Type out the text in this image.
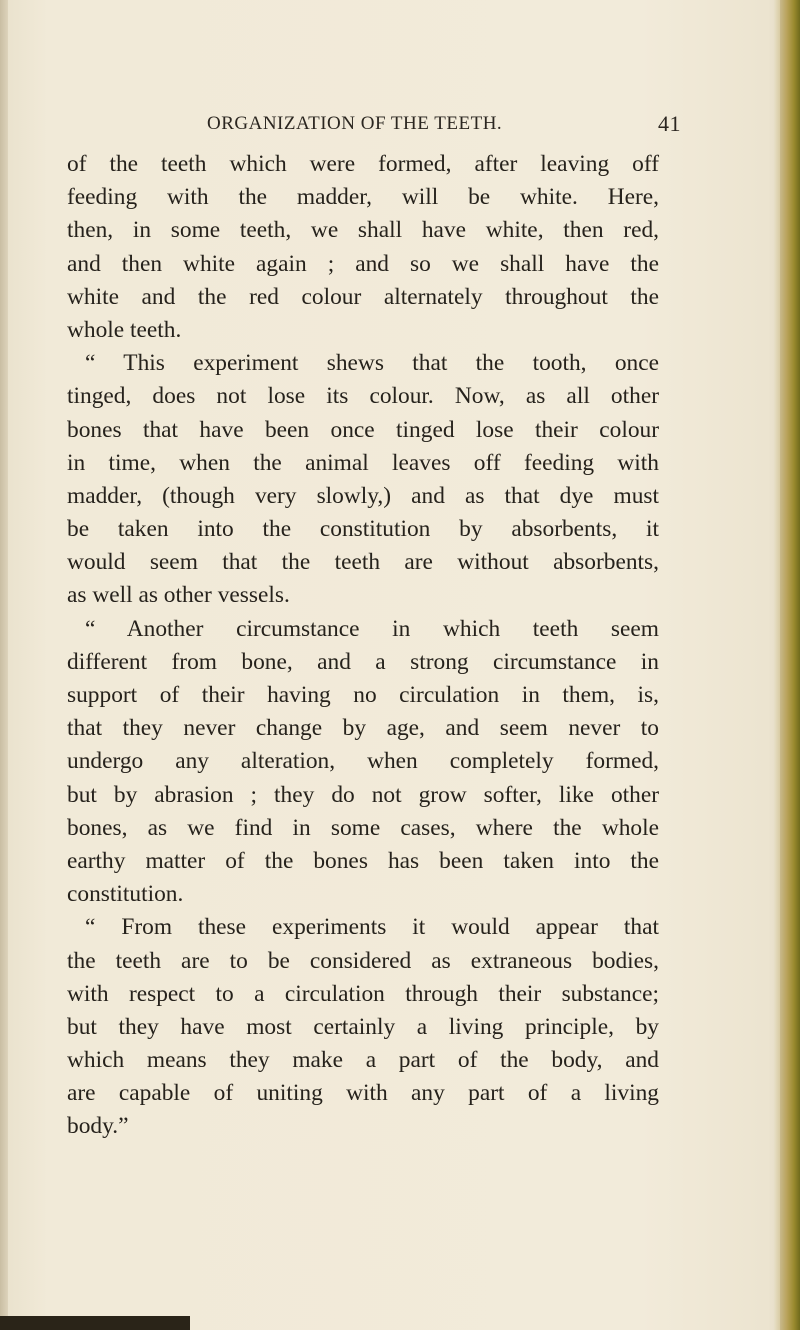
ORGANIZATION OF THE TEETH.	41
of the teeth which were formed, after leaving off
feeding with the madder, will be white. Here,
then, in some teeth, we shall have white, then red,
and then white again ; and so we shall have the
white and the red colour alternately throughout the
whole teeth.
“ This experiment shews that the tooth, once
tinged, does not lose its colour. Now, as all other
bones that have been once tinged lose their colour
in time, when the animal leaves off feeding with
madder, (though very slowly,) and as that dye must
be taken into the constitution by absorbents, it
would seem that the teeth are without absorbents,
as well as other vessels.
“ Another circumstance in which teeth seem
different from bone, and a strong circumstance in
support of their having no circulation in them, is,
that they never change by age, and seem never to
undergo any alteration, when completely formed,
but by abrasion ; they do not grow softer, like other
bones, as we find in some cases, where the whole
earthy matter of the bones has been taken into the
constitution.
“ From these experiments it would appear that
the teeth are to be considered as extraneous bodies,
with respect to a circulation through their substance;
but they have most certainly a living principle, by
which means they make a part of the body, and
are capable of uniting with any part of a living
body.”
